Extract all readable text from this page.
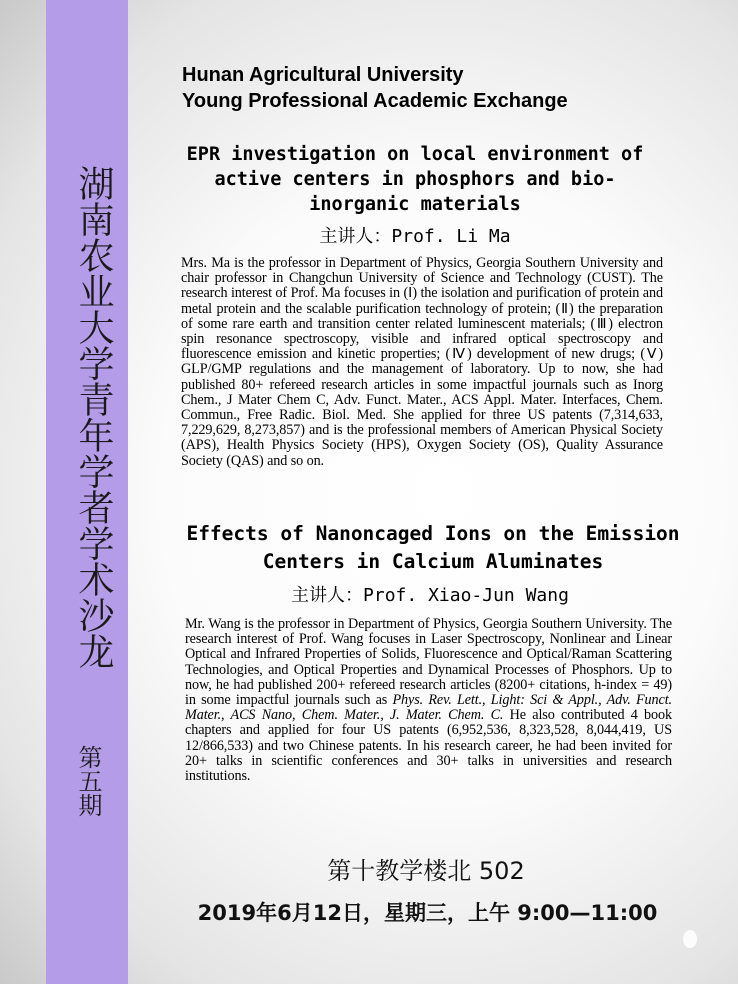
湖南农业大学青年学者学术沙龙
第五期
Hunan Agricultural University
Young Professional Academic Exchange
EPR investigation on local environment of active centers in phosphors and bio-inorganic materials
主讲人：Prof. Li Ma
Mrs. Ma is the professor in Department of Physics, Georgia Southern University and chair professor in Changchun University of Science and Technology (CUST). The research interest of Prof. Ma focuses in (Ⅰ) the isolation and purification of protein and metal protein and the scalable purification technology of protein; (Ⅱ) the preparation of some rare earth and transition center related luminescent materials; (Ⅲ) electron spin resonance spectroscopy, visible and infrared optical spectroscopy and fluorescence emission and kinetic properties; (Ⅳ) development of new drugs; (Ⅴ) GLP/GMP regulations and the management of laboratory. Up to now, she had published 80+ refereed research articles in some impactful journals such as Inorg Chem., J Mater Chem C, Adv. Funct. Mater., ACS Appl. Mater. Interfaces, Chem. Commun., Free Radic. Biol. Med. She applied for three US patents (7,314,633, 7,229,629, 8,273,857) and is the professional members of American Physical Society (APS), Health Physics Society (HPS), Oxygen Society (OS), Quality Assurance Society (QAS) and so on.
Effects of Nanoncaged Ions on the Emission Centers in Calcium Aluminates
主讲人：Prof. Xiao-Jun Wang
Mr. Wang is the professor in Department of Physics, Georgia Southern University. The research interest of Prof. Wang focuses in Laser Spectroscopy, Nonlinear and Linear Optical and Infrared Properties of Solids, Fluorescence and Optical/Raman Scattering Technologies, and Optical Properties and Dynamical Processes of Phosphors. Up to now, he had published 200+ refereed research articles (8200+ citations, h-index = 49) in some impactful journals such as Phys. Rev. Lett., Light: Sci & Appl., Adv. Funct. Mater., ACS Nano, Chem. Mater., J. Mater. Chem. C. He also contributed 4 book chapters and applied for four US patents (6,952,536, 8,323,528, 8,044,419, US 12/866,533) and two Chinese patents. In his research career, he had been invited for 20+ talks in scientific conferences and 30+ talks in universities and research institutions.
第十教学楼北 502
2019年6月12日，星期三，上午 9:00—11:00
